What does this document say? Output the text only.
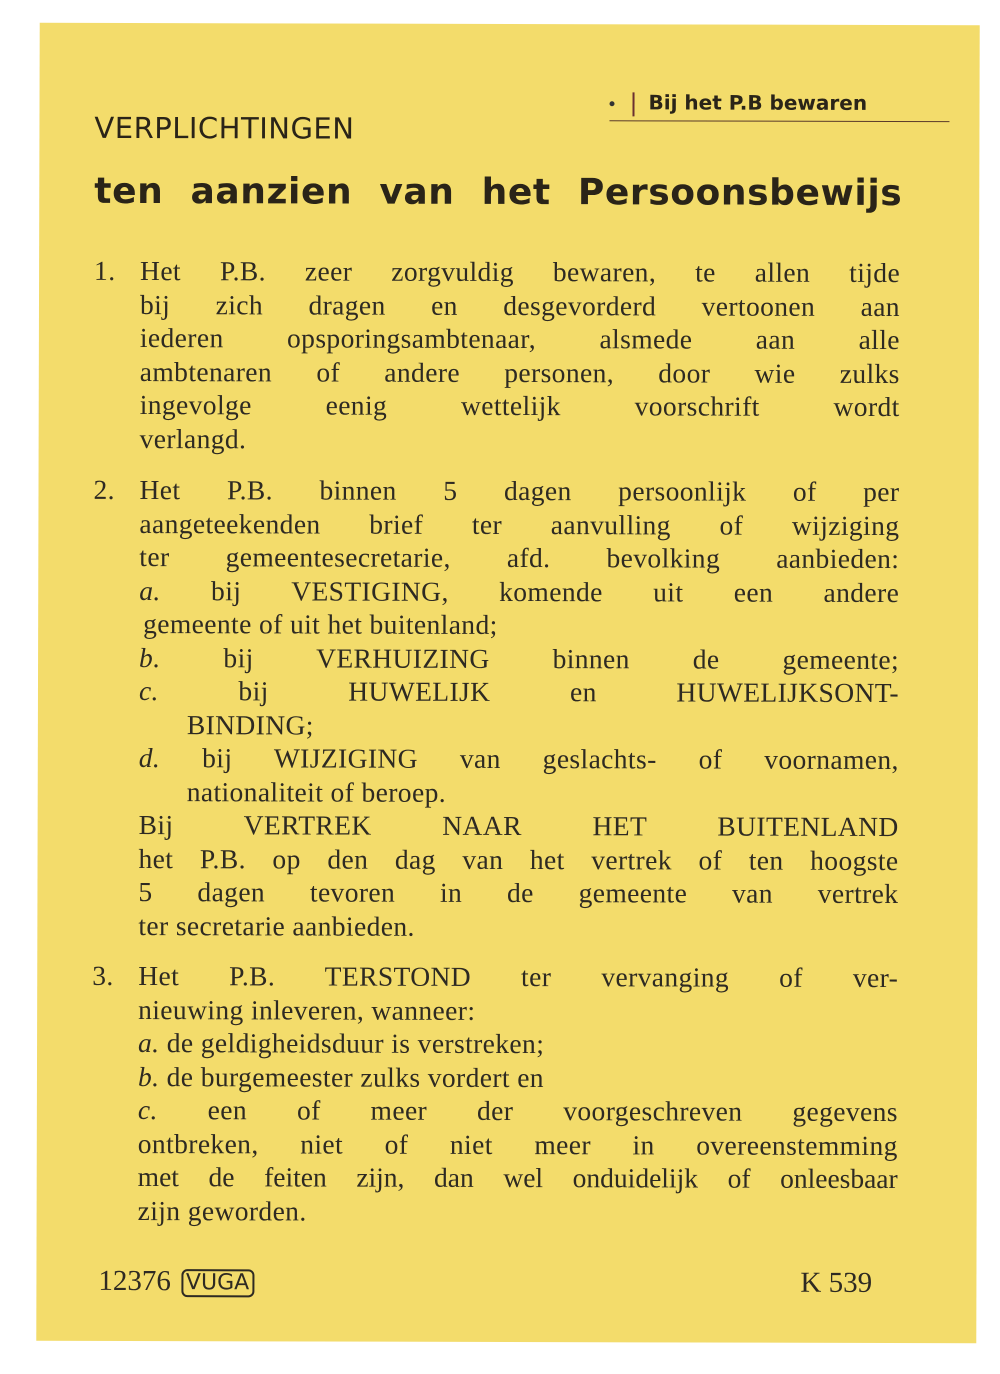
VERPLICHTINGEN
Bij het P.B bewaren
ten aanzien van het Persoonsbewijs
1. Het P.B. zeer zorgvuldig bewaren, te allen tijde
bij zich dragen en desgevorderd vertoonen aan
iederen opsporingsambtenaar, alsmede aan alle
ambtenaren of andere personen, door wie zulks
ingevolge eenig wettelijk voorschrift wordt
verlangd.
2. Het P.B. binnen 5 dagen persoonlijk of per
aangeteekenden brief ter aanvulling of wijziging
ter gemeentesecretarie, afd. bevolking aanbieden:
a. bij VESTIGING, komende uit een andere
gemeente of uit het buitenland;
b. bij VERHUIZING binnen de gemeente;
c.	bij HUWELIJK en HUWELIJKSONT-
BINDING;
d. bij WIJZIGING van geslachts- of voornamen,
nationaliteit of beroep.
Bij VERTREK NAAR HET BUITENLAND
het P.B. op den dag van het vertrek of ten hoogste
5 dagen tevoren in de gemeente van vertrek
ter secretarie aanbieden.
3. Het P.B. TERSTOND ter vervanging of ver-
nieuwing inleveren, wanneer:
a. de geldigheidsduur is verstreken;
b. de burgemeester zulks vordert en
c. een of meer der voorgeschreven gegevens
ontbreken, niet of niet meer in overeenstemming
met de feiten zijn, dan wel onduidelijk of onleesbaar
zijn geworden.
12376 VUGA	K 539
